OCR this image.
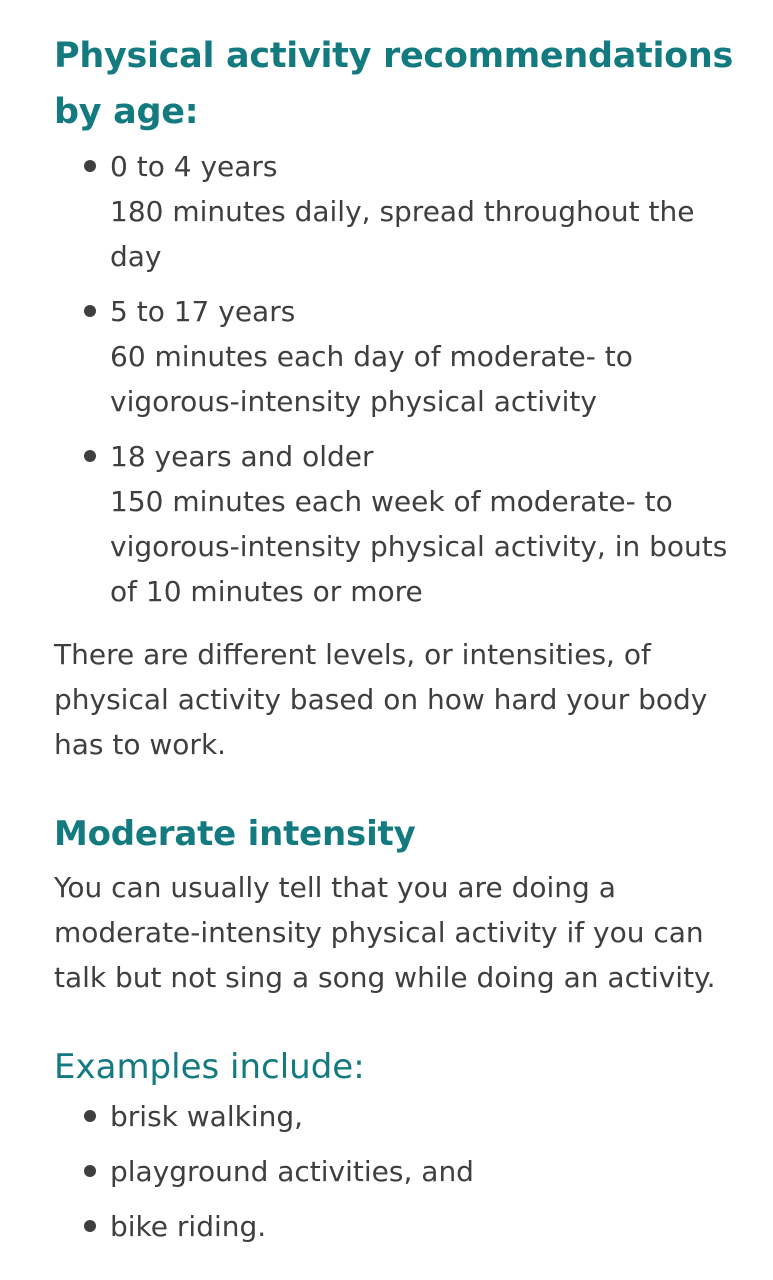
Physical activity recommendations by age:
0 to 4 years
180 minutes daily, spread throughout the day
5 to 17 years
60 minutes each day of moderate- to vigorous-intensity physical activity
18 years and older
150 minutes each week of moderate- to vigorous-intensity physical activity, in bouts of 10 minutes or more

There are different levels, or intensities, of physical activity based on how hard your body has to work.

Moderate intensity

You can usually tell that you are doing a moderate-intensity physical activity if you can talk but not sing a song while doing an activity.

Examples include:
brisk walking,
playground activities, and
bike riding.
